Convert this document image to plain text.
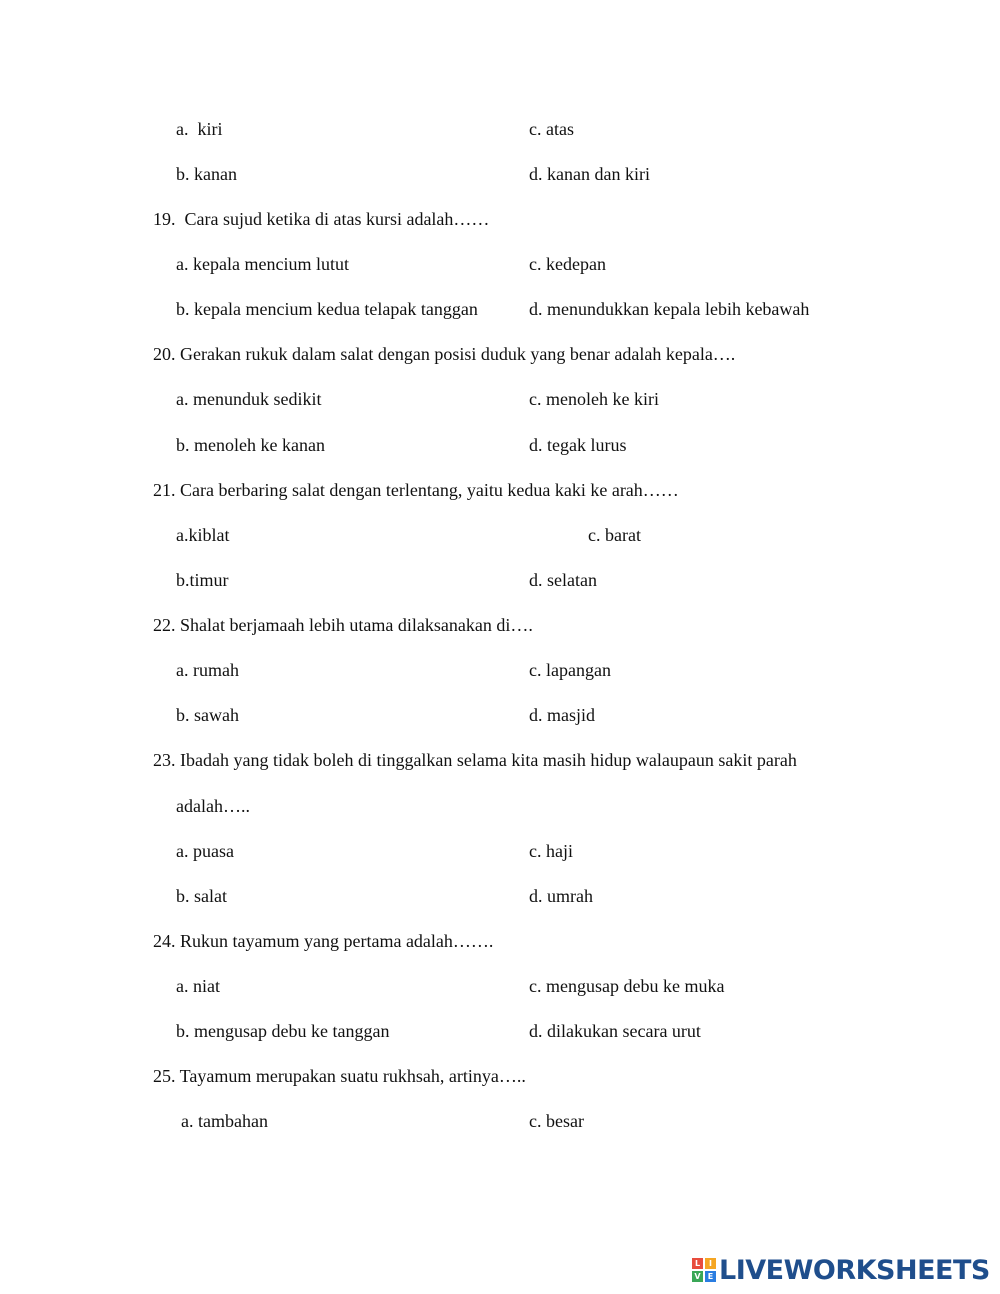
a.  kiri	c. atas
b. kanan	d. kanan dan kiri
19.  Cara sujud ketika di atas kursi adalah……
a. kepala mencium lutut	c. kedepan
b. kepala mencium kedua telapak tanggan	d. menundukkan kepala lebih kebawah
20. Gerakan rukuk dalam salat dengan posisi duduk yang benar adalah kepala….
a. menunduk sedikit	c. menoleh ke kiri
b. menoleh ke kanan	d. tegak lurus
21. Cara berbaring salat dengan terlentang, yaitu kedua kaki ke arah……
a.kiblat	c. barat
b.timur	d. selatan
22. Shalat berjamaah lebih utama dilaksanakan di….
a. rumah	c. lapangan
b. sawah	d. masjid
23. Ibadah yang tidak boleh di tinggalkan selama kita masih hidup walaupaun sakit parah
adalah…..
a. puasa	c. haji
b. salat	d. umrah
24. Rukun tayamum yang pertama adalah…….
a. niat	c. mengusap debu ke muka
b. mengusap debu ke tanggan	d. dilakukan secara urut
25. Tayamum merupakan suatu rukhsah, artinya…..
a. tambahan	c. besar
L	I
V E LIVEWORKSHEETS
